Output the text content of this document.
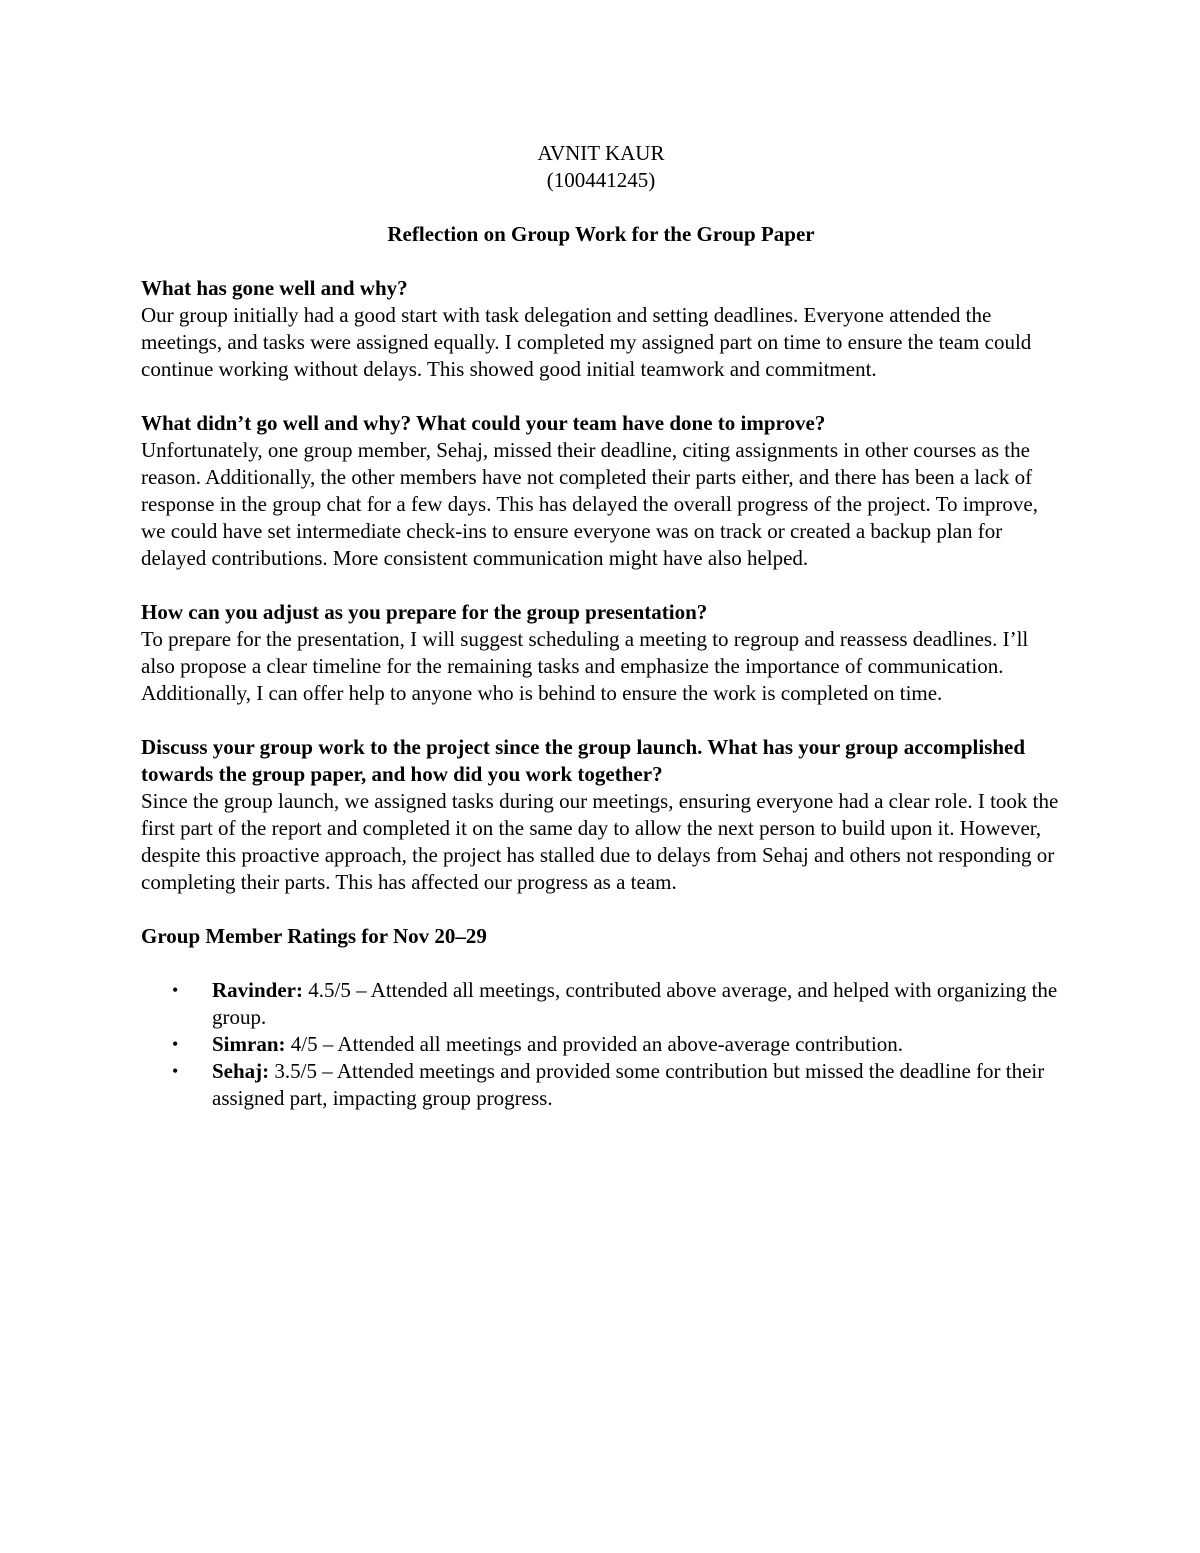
AVNIT KAUR
(100441245)
Reflection on Group Work for the Group Paper
What has gone well and why?
Our group initially had a good start with task delegation and setting deadlines. Everyone attended the meetings, and tasks were assigned equally. I completed my assigned part on time to ensure the team could continue working without delays. This showed good initial teamwork and commitment.
What didn’t go well and why? What could your team have done to improve?
Unfortunately, one group member, Sehaj, missed their deadline, citing assignments in other courses as the reason. Additionally, the other members have not completed their parts either, and there has been a lack of response in the group chat for a few days. This has delayed the overall progress of the project. To improve, we could have set intermediate check-ins to ensure everyone was on track or created a backup plan for delayed contributions. More consistent communication might have also helped.
How can you adjust as you prepare for the group presentation?
To prepare for the presentation, I will suggest scheduling a meeting to regroup and reassess deadlines. I’ll also propose a clear timeline for the remaining tasks and emphasize the importance of communication. Additionally, I can offer help to anyone who is behind to ensure the work is completed on time.
Discuss your group work to the project since the group launch. What has your group accomplished towards the group paper, and how did you work together?
Since the group launch, we assigned tasks during our meetings, ensuring everyone had a clear role. I took the first part of the report and completed it on the same day to allow the next person to build upon it. However, despite this proactive approach, the project has stalled due to delays from Sehaj and others not responding or completing their parts. This has affected our progress as a team.
Group Member Ratings for Nov 20–29
• Ravinder: 4.5/5 – Attended all meetings, contributed above average, and helped with organizing the group.
• Simran: 4/5 – Attended all meetings and provided an above-average contribution.
• Sehaj: 3.5/5 – Attended meetings and provided some contribution but missed the deadline for their assigned part, impacting group progress.
